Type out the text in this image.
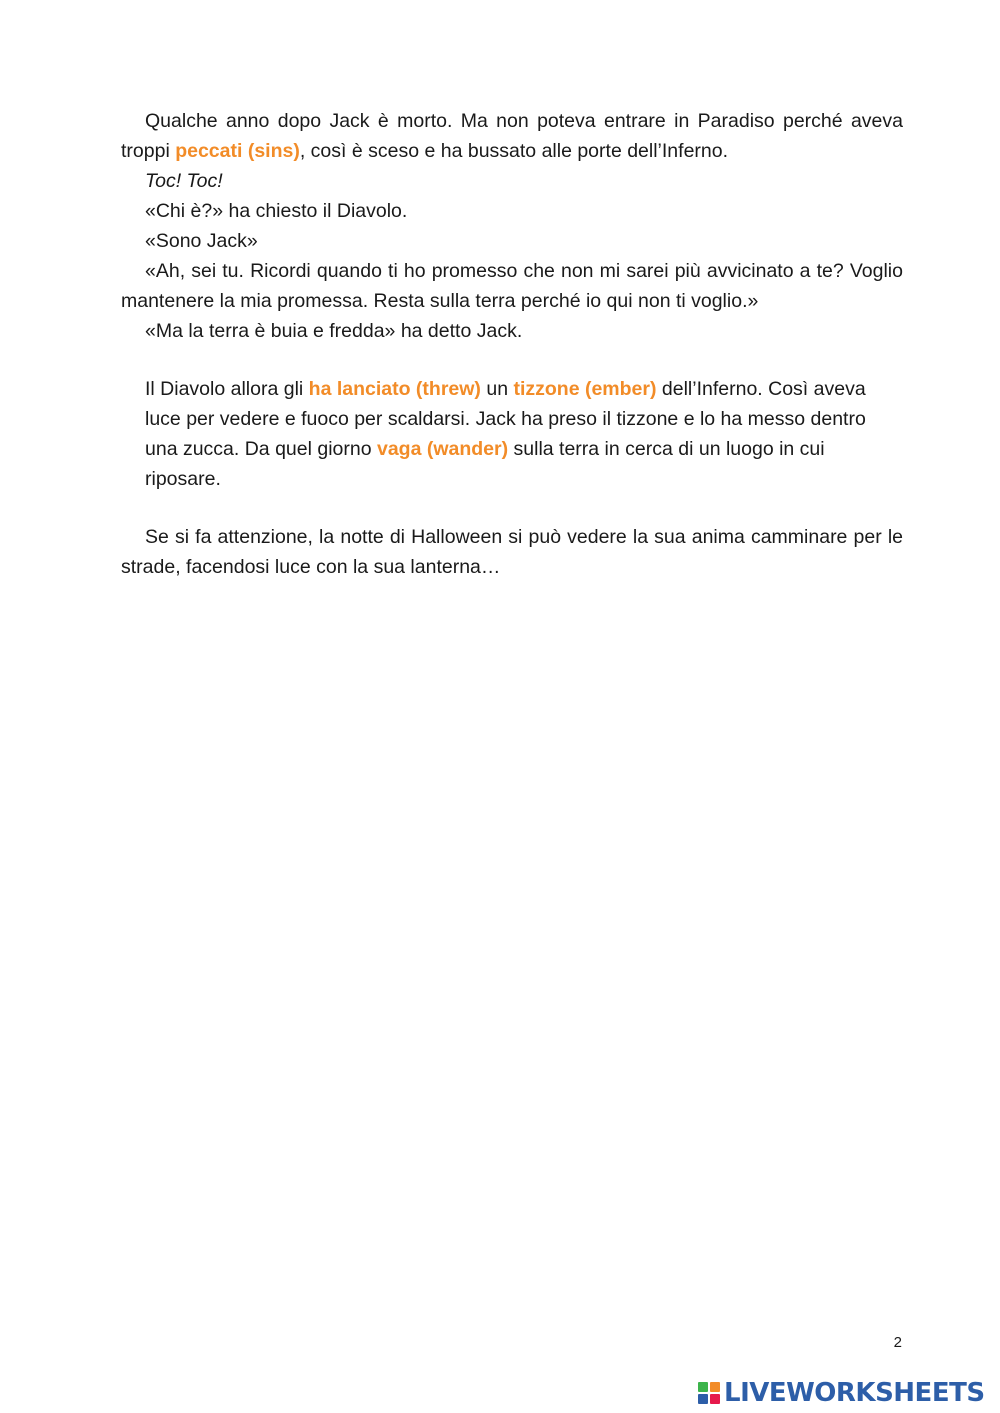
Qualche anno dopo Jack è morto. Ma non poteva entrare in Paradiso perché aveva troppi peccati (sins), così è sceso e ha bussato alle porte dell’Inferno.

Toc! Toc!

«Chi è?» ha chiesto il Diavolo.

«Sono Jack»

«Ah, sei tu. Ricordi quando ti ho promesso che non mi sarei più avvicinato a te? Voglio mantenere la mia promessa. Resta sulla terra perché io qui non ti voglio.»

«Ma la terra è buia e fredda» ha detto Jack.

Il Diavolo allora gli ha lanciato (threw) un tizzone (ember) dell’Inferno. Così aveva luce per vedere e fuoco per scaldarsi. Jack ha preso il tizzone e lo ha messo dentro una zucca. Da quel giorno vaga (wander) sulla terra in cerca di un luogo in cui riposare.

Se si fa attenzione, la notte di Halloween si può vedere la sua anima camminare per le strade, facendosi luce con la sua lanterna…

2
LIVEWORKSHEETS
